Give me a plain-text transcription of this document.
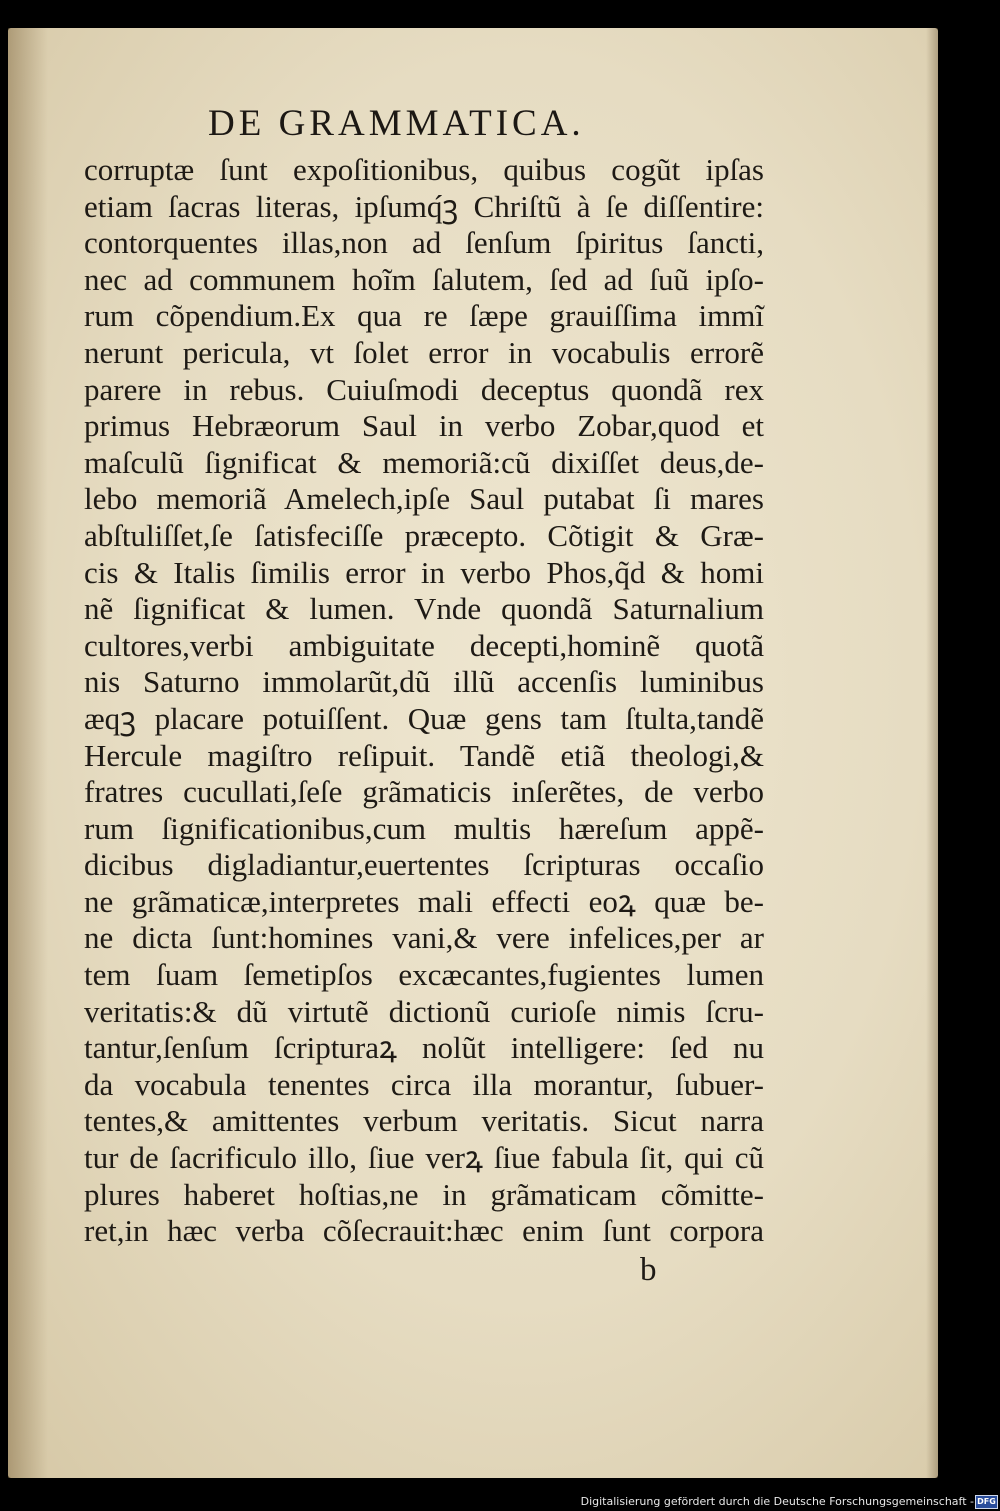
DE GRAMMATICA.
corruptæ ſunt expoſitionibus, quibus cogũt ipſas
etiam ſacras literas, ipſumq́ꝫ Chriſtũ à ſe diſſentire:
contorquentes illas,non ad ſenſum ſpiritus ſancti,
nec ad communem hoĩm ſalutem, ſed ad ſuũ ipſo-
rum cõpendium.Ex qua re ſæpe grauiſſima immĩ
nerunt pericula, vt ſolet error in vocabulis errorẽ
parere in rebus. Cuiuſmodi deceptus quondã rex
primus Hebræorum Saul in verbo Zobar,quod et
maſculũ ſignificat & memoriã:cũ dixiſſet deus,de-
lebo memoriã Amelech,ipſe Saul putabat ſi mares
abſtuliſſet,ſe ſatisfeciſſe præcepto. Cõtigit & Græ-
cis & Italis ſimilis error in verbo Phos,q̃d & homi
nẽ ſignificat & lumen. Vnde quondã Saturnalium
cultores,verbi ambiguitate decepti,hominẽ quotã
nis Saturno immolarũt,dũ illũ accenſis luminibus
æqꝫ placare potuiſſent. Quæ gens tam ſtulta,tandẽ
Hercule magiſtro reſipuit. Tandẽ etiã theologi,&
fratres cucullati,ſeſe grãmaticis inſerẽtes, de verbo
rum ſignificationibus,cum multis hæreſum appẽ-
dicibus digladiantur,euertentes ſcripturas occaſio
ne grãmaticæ,interpretes mali effecti eoꝝ quæ be-
ne dicta ſunt:homines vani,& vere infelices,per ar
tem ſuam ſemetipſos excæcantes,fugientes lumen
veritatis:& dũ virtutẽ dictionũ curioſe nimis ſcru-
tantur,ſenſum ſcripturaꝝ nolũt intelligere: ſed nu
da vocabula tenentes circa illa morantur, ſubuer-
tentes,& amittentes verbum veritatis. Sicut narra
tur de ſacrificulo illo, ſiue verꝝ ſiue fabula ſit, qui cũ
plures haberet hoſtias,ne in grãmaticam cõmitte-
ret,in hæc verba cõſecrauit:hæc enim ſunt corpora
b
Digitalisierung gefördert durch die Deutsche Forschungsgemeinschaft - DFG
